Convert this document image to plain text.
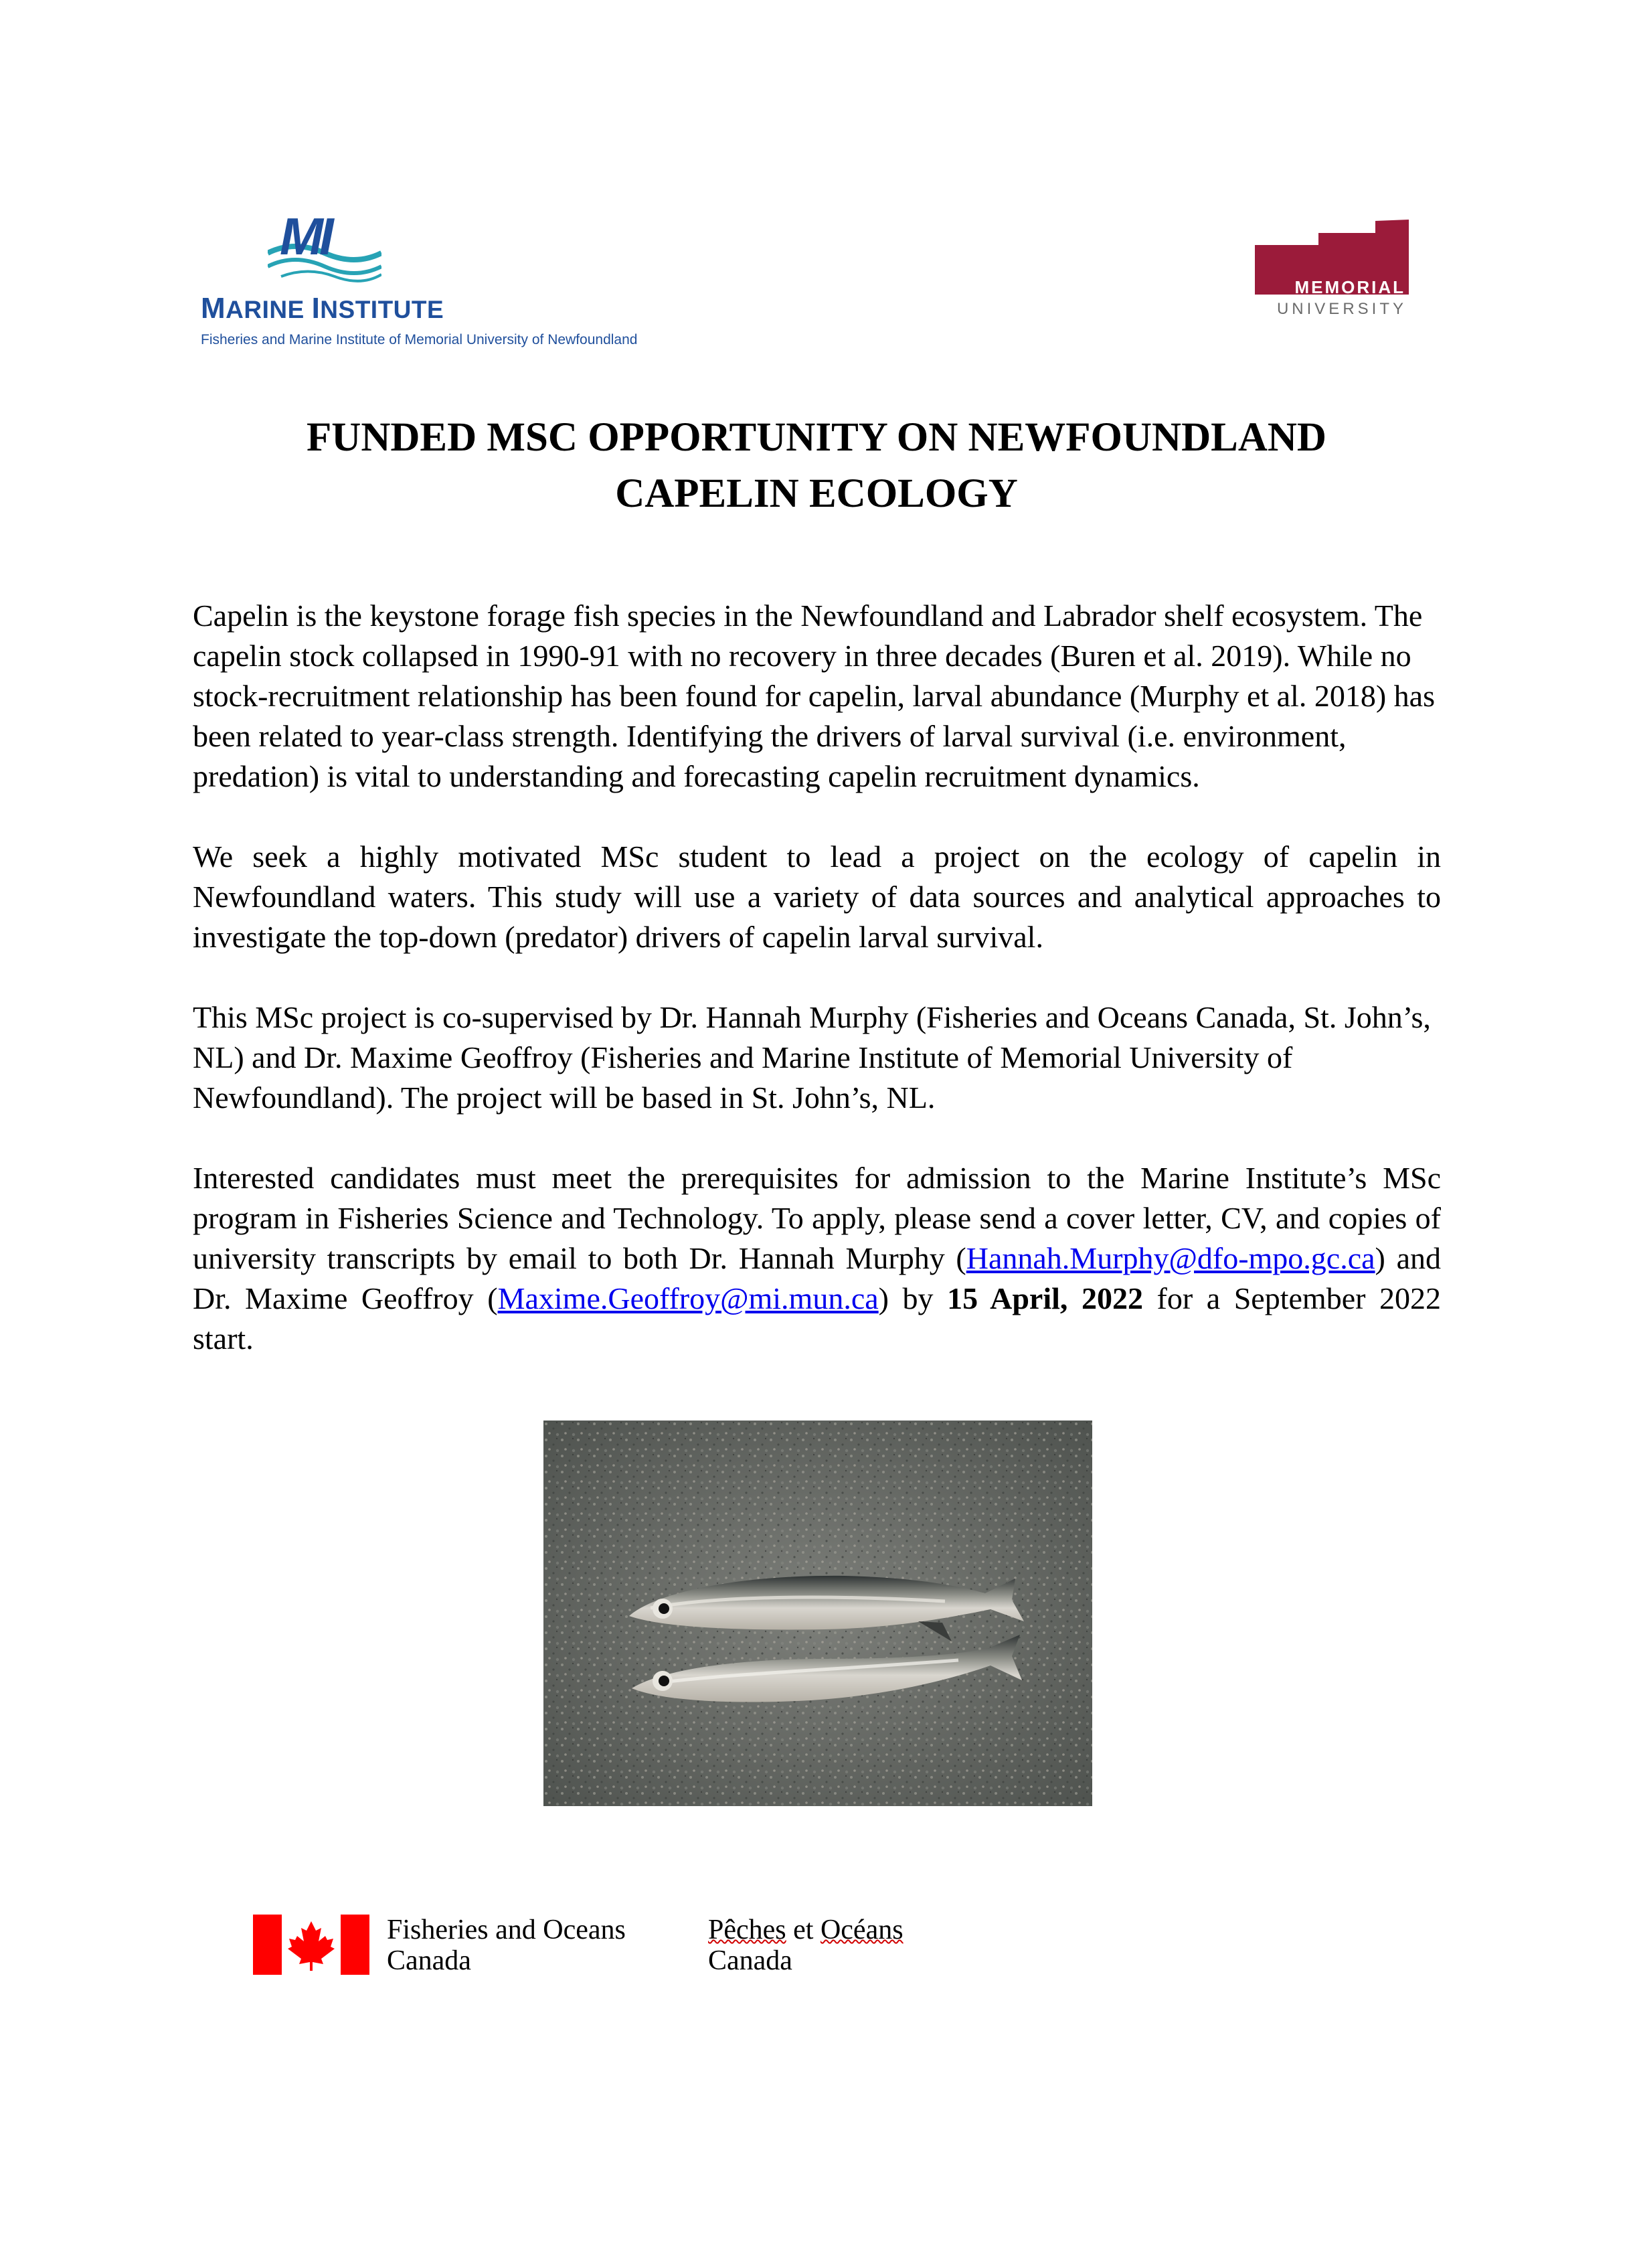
MI
MARINE INSTITUTE
Fisheries and Marine Institute of Memorial University of Newfoundland
MEMORIAL
UNIVERSITY
FUNDED MSC OPPORTUNITY ON NEWFOUNDLAND
CAPELIN ECOLOGY

Capelin is the keystone forage fish species in the Newfoundland and Labrador shelf ecosystem. The capelin stock collapsed in 1990-91 with no recovery in three decades (Buren et al. 2019). While no stock-recruitment relationship has been found for capelin, larval abundance (Murphy et al. 2018) has been related to year-class strength. Identifying the drivers of larval survival (i.e. environment, predation) is vital to understanding and forecasting capelin recruitment dynamics.

We seek a highly motivated MSc student to lead a project on the ecology of capelin in Newfoundland waters. This study will use a variety of data sources and analytical approaches to investigate the top-down (predator) drivers of capelin larval survival.

This MSc project is co-supervised by Dr. Hannah Murphy (Fisheries and Oceans Canada, St. John’s, NL) and Dr. Maxime Geoffroy (Fisheries and Marine Institute of Memorial University of Newfoundland). The project will be based in St. John’s, NL.

Interested candidates must meet the prerequisites for admission to the Marine Institute’s MSc program in Fisheries Science and Technology. To apply, please send a cover letter, CV, and copies of university transcripts by email to both Dr. Hannah Murphy (Hannah.Murphy@dfo-mpo.gc.ca) and Dr. Maxime Geoffroy (Maxime.Geoffroy@mi.mun.ca) by 15 April, 2022 for a September 2022 start.

Fisheries and Oceans
Canada
Pêches et Océans
Canada
